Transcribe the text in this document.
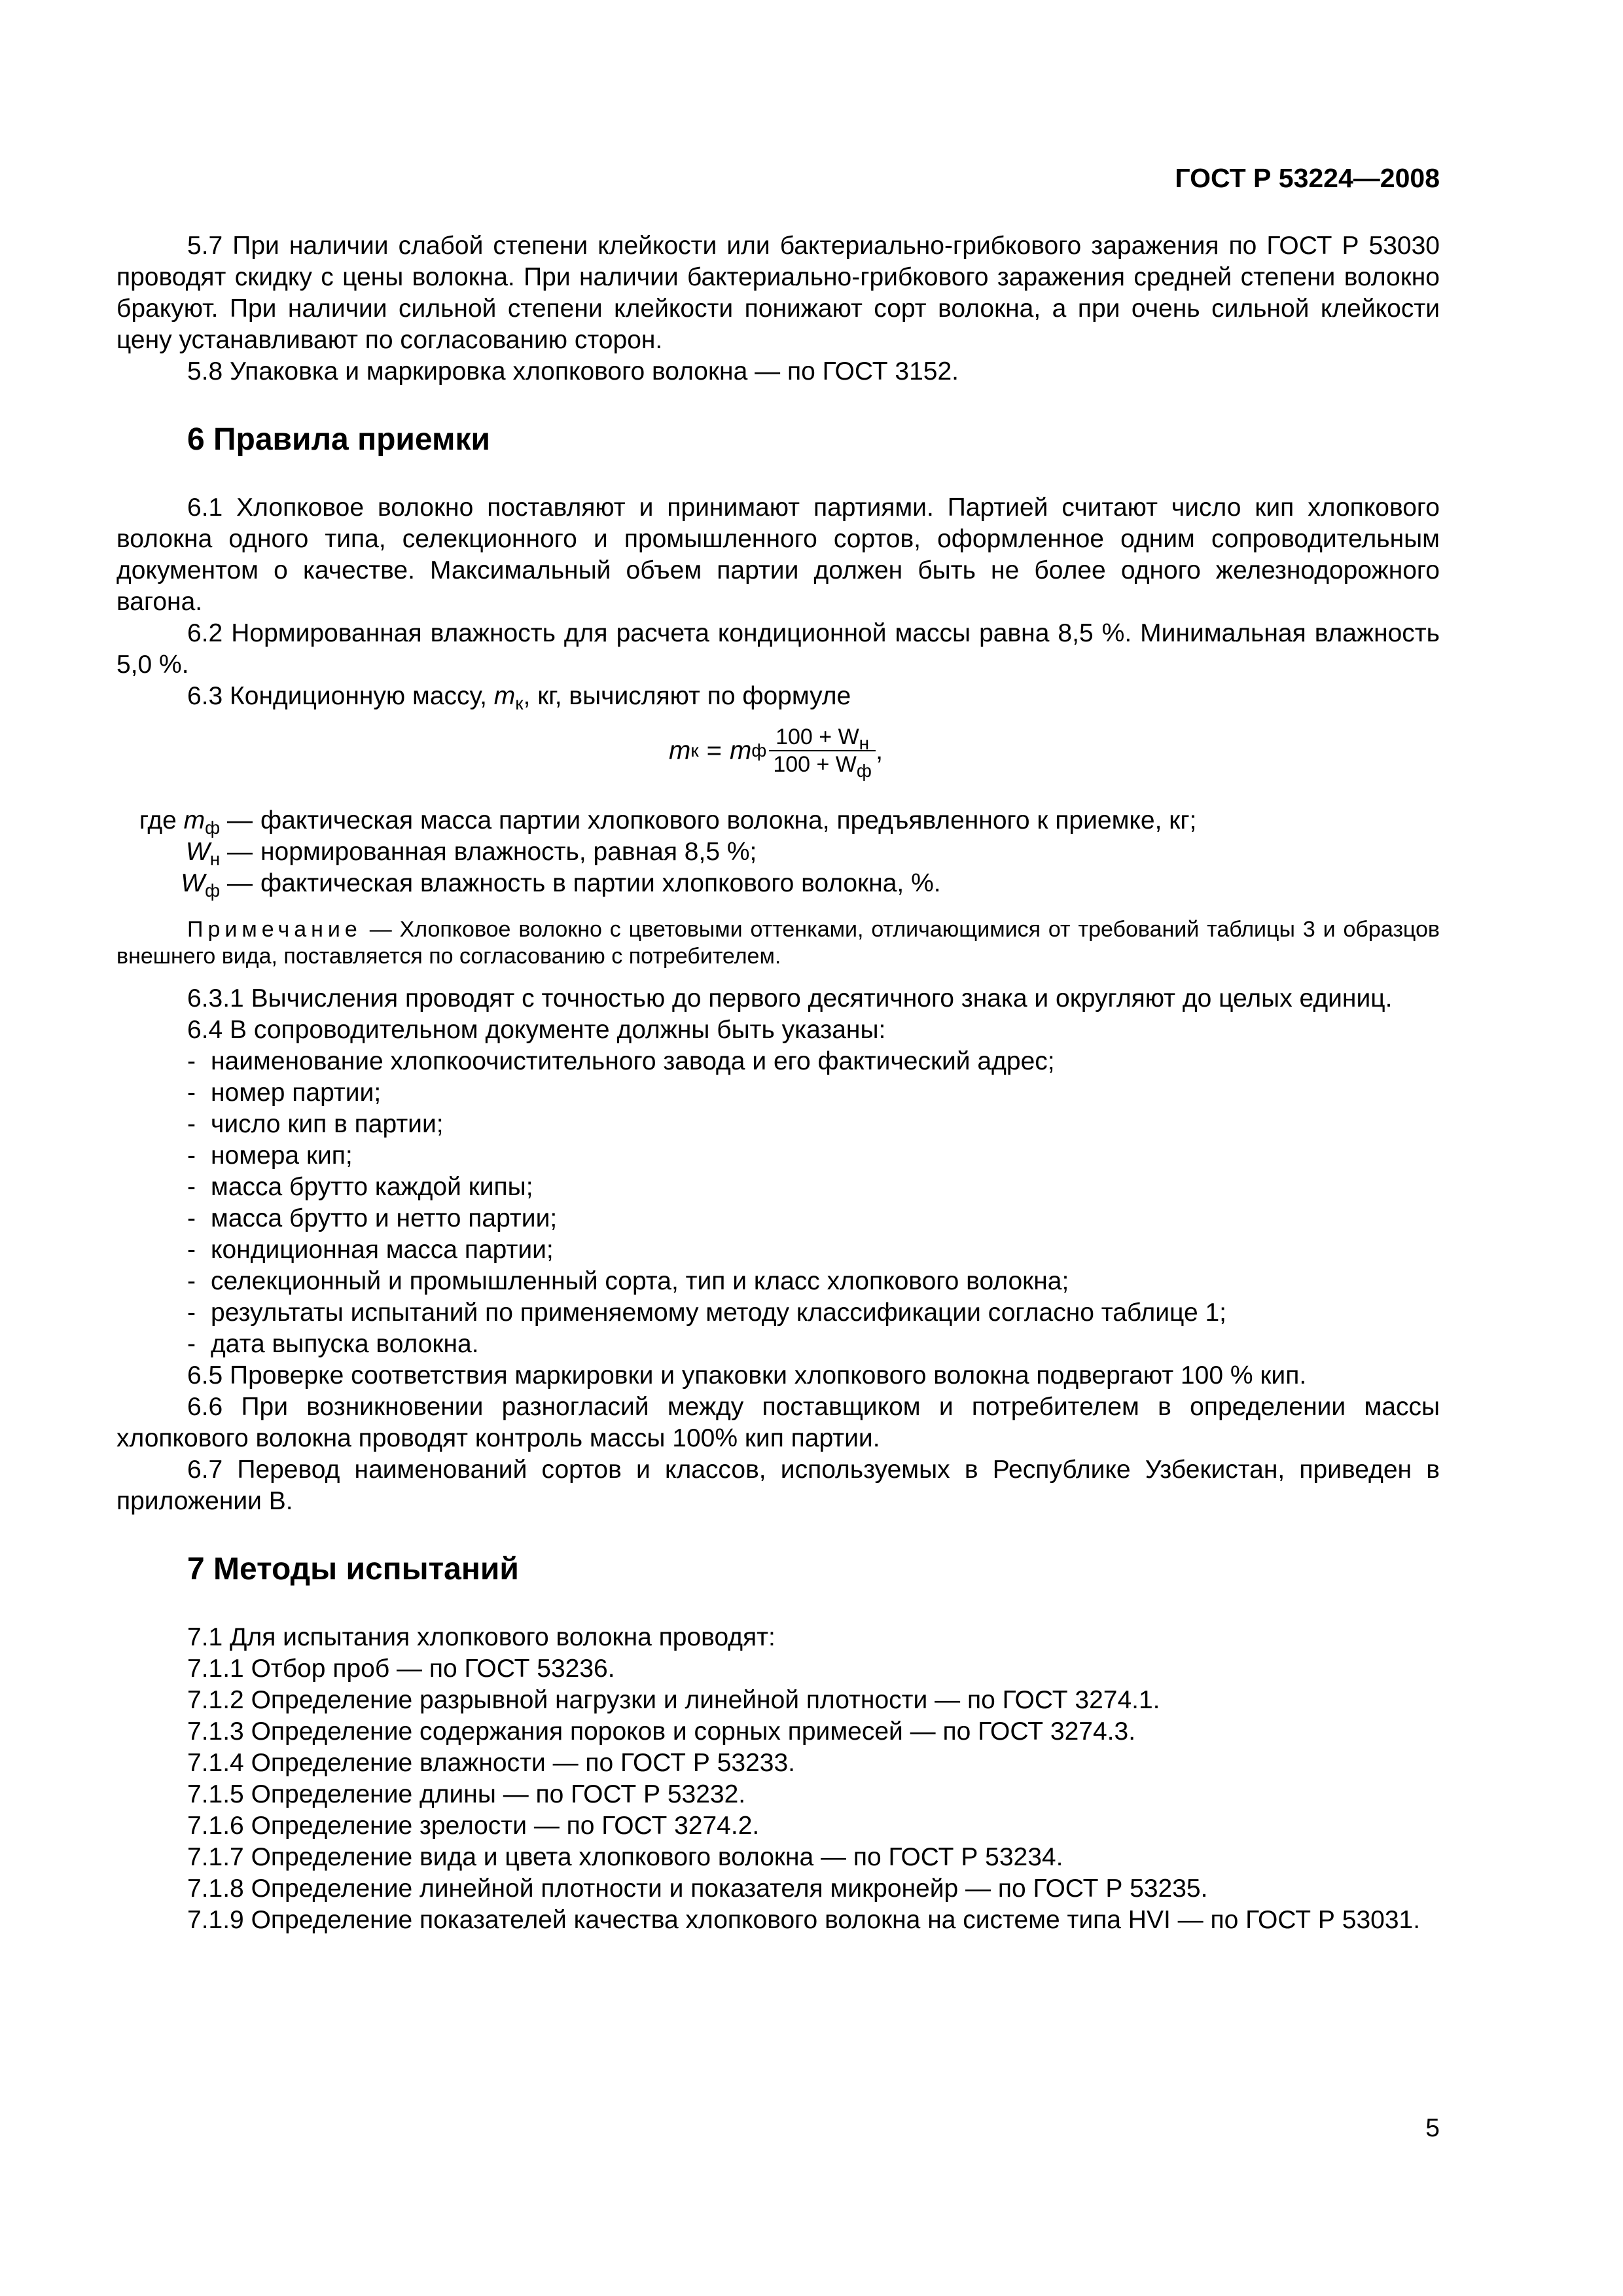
ГОСТ Р 53224—2008

5.7 При наличии слабой степени клейкости или бактериально-грибкового заражения по ГОСТ Р 53030 проводят скидку с цены волокна. При наличии бактериально-грибкового заражения средней степени волокно бракуют. При наличии сильной степени клейкости понижают сорт волокна, а при очень сильной клейкости цену устанавливают по согласованию сторон.

5.8 Упаковка и маркировка хлопкового волокна — по ГОСТ 3152.

6 Правила приемки

6.1 Хлопковое волокно поставляют и принимают партиями. Партией считают число кип хлопкового волокна одного типа, селекционного и промышленного сортов, оформленное одним сопроводительным документом о качестве. Максимальный объем партии должен быть не более одного железнодорожного вагона.

6.2 Нормированная влажность для расчета кондиционной массы равна 8,5 %. Минимальная влажность 5,0 %.

6.3 Кондиционную массу, $m_к$, кг, вычисляют по формуле

m к = m ф $\frac{100 + W_н}{100 + W_ф}$ ,
где $m_ф$ — фактическая масса партии хлопкового волокна, предъявленного к приемке, кг;
$W_н$ — нормированная влажность, равная 8,5 %;
$W_ф$ — фактическая влажность в партии хлопкового волокна, %.

Примечание — Хлопковое волокно с цветовыми оттенками, отличающимися от требований таблицы 3 и образцов внешнего вида, поставляется по согласованию с потребителем.

6.3.1 Вычисления проводят с точностью до первого десятичного знака и округляют до целых единиц.

6.4 В сопроводительном документе должны быть указаны:

- наименование хлопкоочистительного завода и его фактический адрес;
- номер партии;
- число кип в партии;
- номера кип;
- масса брутто каждой кипы;
- масса брутто и нетто партии;
- кондиционная масса партии;
- селекционный и промышленный сорта, тип и класс хлопкового волокна;
- результаты испытаний по применяемому методу классификации согласно таблице 1;
- дата выпуска волокна.

6.5 Проверке соответствия маркировки и упаковки хлопкового волокна подвергают 100 % кип.

6.6 При возникновении разногласий между поставщиком и потребителем в определении массы хлопкового волокна проводят контроль массы 100% кип партии.

6.7 Перевод наименований сортов и классов, используемых в Республике Узбекистан, приведен в приложении В.

7 Методы испытаний

7.1 Для испытания хлопкового волокна проводят:

7.1.1 Отбор проб — по ГОСТ 53236.

7.1.2 Определение разрывной нагрузки и линейной плотности — по ГОСТ 3274.1.

7.1.3 Определение содержания пороков и сорных примесей — по ГОСТ 3274.3.

7.1.4 Определение влажности — по ГОСТ Р 53233.

7.1.5 Определение длины — по ГОСТ Р 53232.

7.1.6 Определение зрелости — по ГОСТ 3274.2.

7.1.7 Определение вида и цвета хлопкового волокна — по ГОСТ Р 53234.

7.1.8 Определение линейной плотности и показателя микронейр — по ГОСТ Р 53235.

7.1.9 Определение показателей качества хлопкового волокна на системе типа HVI — по ГОСТ Р 53031.

5
